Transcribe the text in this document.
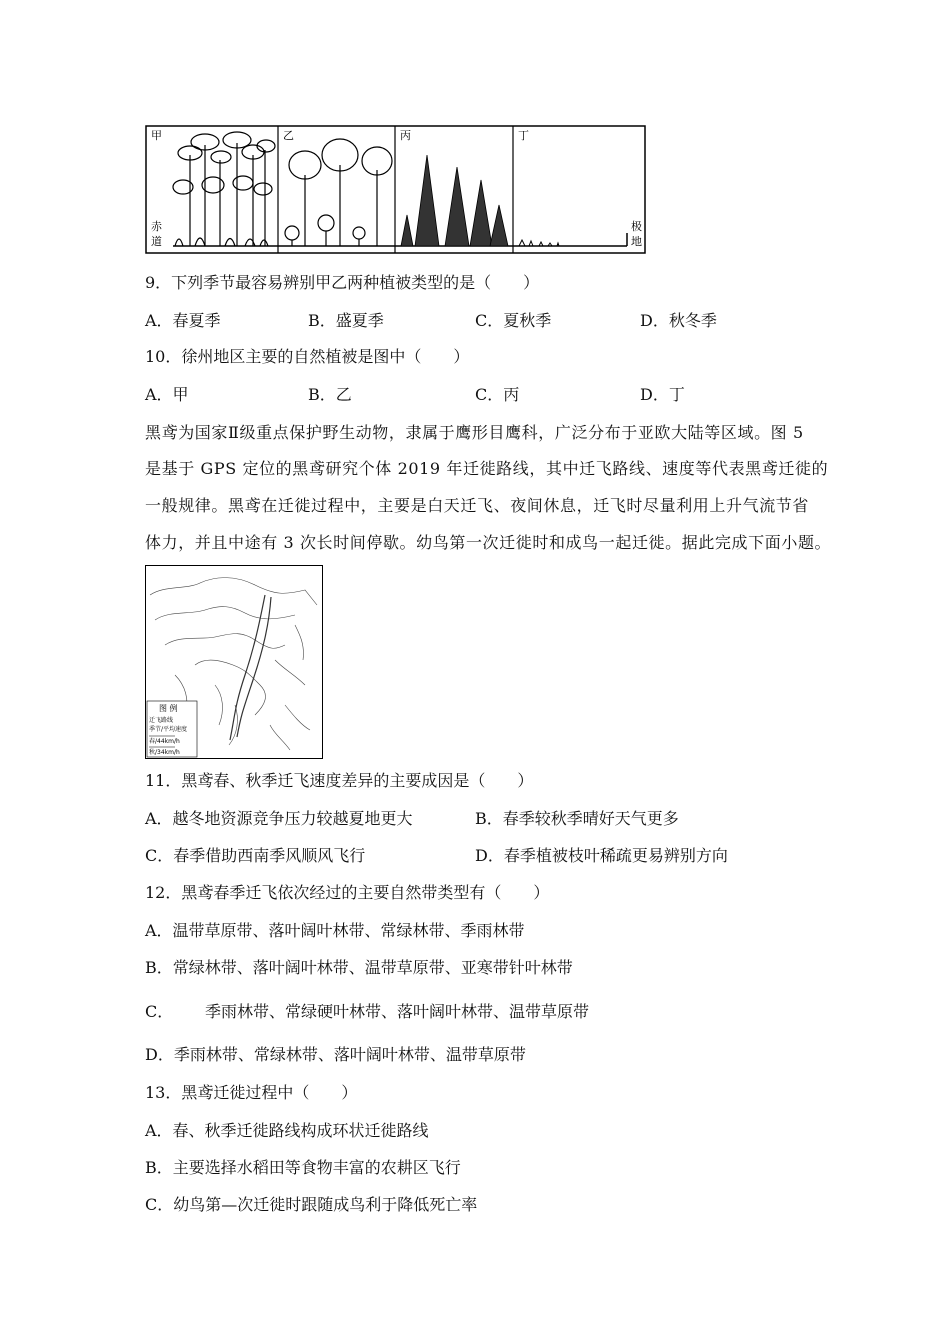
甲	乙	丙	丁
赤
道
极
地
9．下列季节最容易辨别甲乙两种植被类型的是（　　）
A．春夏季	B．盛夏季	C．夏秋季	D．秋冬季
10．徐州地区主要的自然植被是图中（　　）
A．甲	B．乙	C．丙	D．丁
黑鸢为国家Ⅱ级重点保护野生动物，隶属于鹰形目鹰科，广泛分布于亚欧大陆等区域。图 5
是基于 GPS 定位的黑鸢研究个体 2019 年迁徙路线，其中迁飞路线、速度等代表黑鸢迁徙的
一般规律。黑鸢在迁徙过程中，主要是白天迁飞、夜间休息，迁飞时尽量利用上升气流节省
体力，并且中途有 3 次长时间停歇。幼鸟第一次迁徙时和成鸟一起迁徙。据此完成下面小题。
图 例
迁飞路线
季节/平均速度
春/44km/h
秋/34km/h
11．黑鸢春、秋季迁飞速度差异的主要成因是（　　）
A．越冬地资源竞争压力较越夏地更大	B．春季较秋季晴好天气更多
C．春季借助西南季风顺风飞行	D．春季植被枝叶稀疏更易辨别方向
12．黑鸢春季迁飞依次经过的主要自然带类型有（　　）
A．温带草原带、落叶阔叶林带、常绿林带、季雨林带
B．常绿林带、落叶阔叶林带、温带草原带、亚寒带针叶林带
C． 季雨林带、常绿硬叶林带、落叶阔叶林带、温带草原带
D．季雨林带、常绿林带、落叶阔叶林带、温带草原带
13．黑鸢迁徙过程中（　　）
A．春、秋季迁徙路线构成环状迁徙路线
B．主要选择水稻田等食物丰富的农耕区飞行
C．幼鸟第—次迁徙时跟随成鸟利于降低死亡率
